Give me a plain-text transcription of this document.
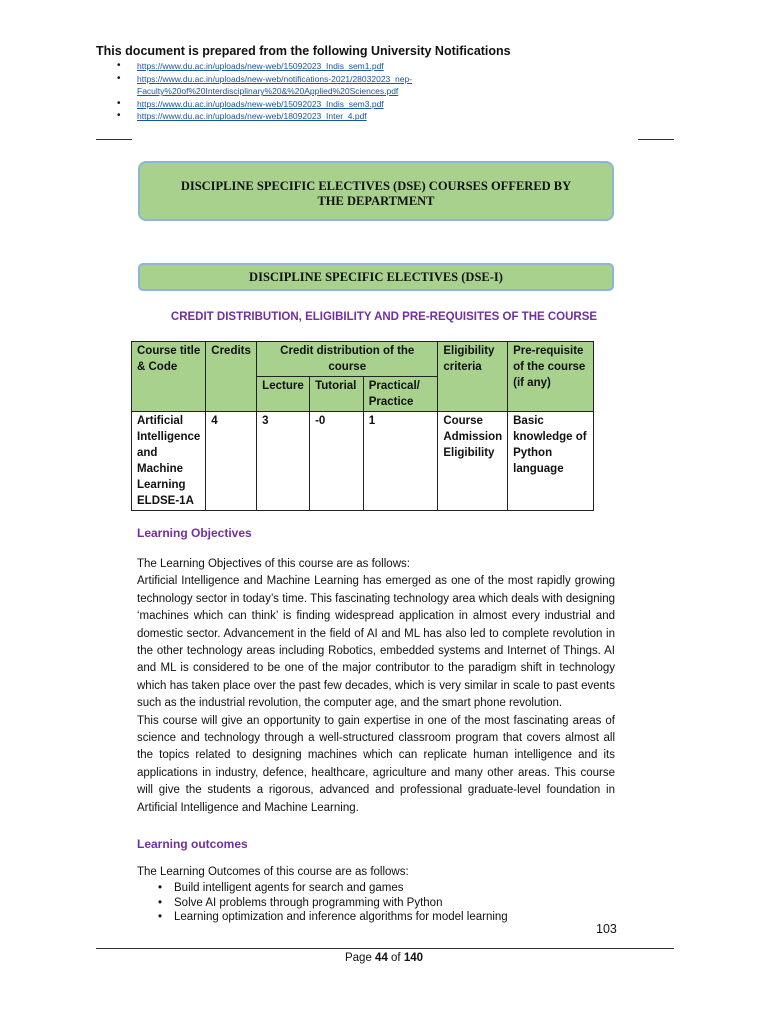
This document is prepared from the following University Notifications
• https://www.du.ac.in/uploads/new-web/15092023_Indis_sem1.pdf
• https://www.du.ac.in/uploads/new-web/notifications-2021/28032023_nep-Faculty%20of%20Interdisciplinary%20&%20Applied%20Sciences.pdf
• https://www.du.ac.in/uploads/new-web/15092023_Indis_sem3.pdf
• https://www.du.ac.in/uploads/new-web/18092023_Inter_4.pdf
DISCIPLINE SPECIFIC ELECTIVES (DSE) COURSES OFFERED BY THE DEPARTMENT
DISCIPLINE SPECIFIC ELECTIVES (DSE-I)
CREDIT DISTRIBUTION, ELIGIBILITY AND PRE-REQUISITES OF THE COURSE
Course title & Code	Credits	Credit distribution of the course			Eligibility criteria	Pre-requisite of the course (if any)
		Lecture	Tutorial	Practical/ Practice		
Artificial Intelligence and Machine Learning ELDSE-1A	4	3	-0	1	Course Admission Eligibility	Basic knowledge of Python language
Learning Objectives

The Learning Objectives of this course are as follows:

Artificial Intelligence and Machine Learning has emerged as one of the most rapidly growing technology sector in today’s time. This fascinating technology area which deals with designing ‘machines which can think’ is finding widespread application in almost every industrial and domestic sector. Advancement in the field of AI and ML has also led to complete revolution in the other technology areas including Robotics, embedded systems and Internet of Things. AI and ML is considered to be one of the major contributor to the paradigm shift in technology which has taken place over the past few decades, which is very similar in scale to past events such as the industrial revolution, the computer age, and the smart phone revolution.

This course will give an opportunity to gain expertise in one of the most fascinating areas of science and technology through a well-structured classroom program that covers almost all the topics related to designing machines which can replicate human intelligence and its applications in industry, defence, healthcare, agriculture and many other areas. This course will give the students a rigorous, advanced and professional graduate-level foundation in Artificial Intelligence and Machine Learning.

Learning outcomes
The Learning Outcomes of this course are as follows:
• Build intelligent agents for search and games
• Solve AI problems through programming with Python
• Learning optimization and inference algorithms for model learning
103
Page 44 of 140
